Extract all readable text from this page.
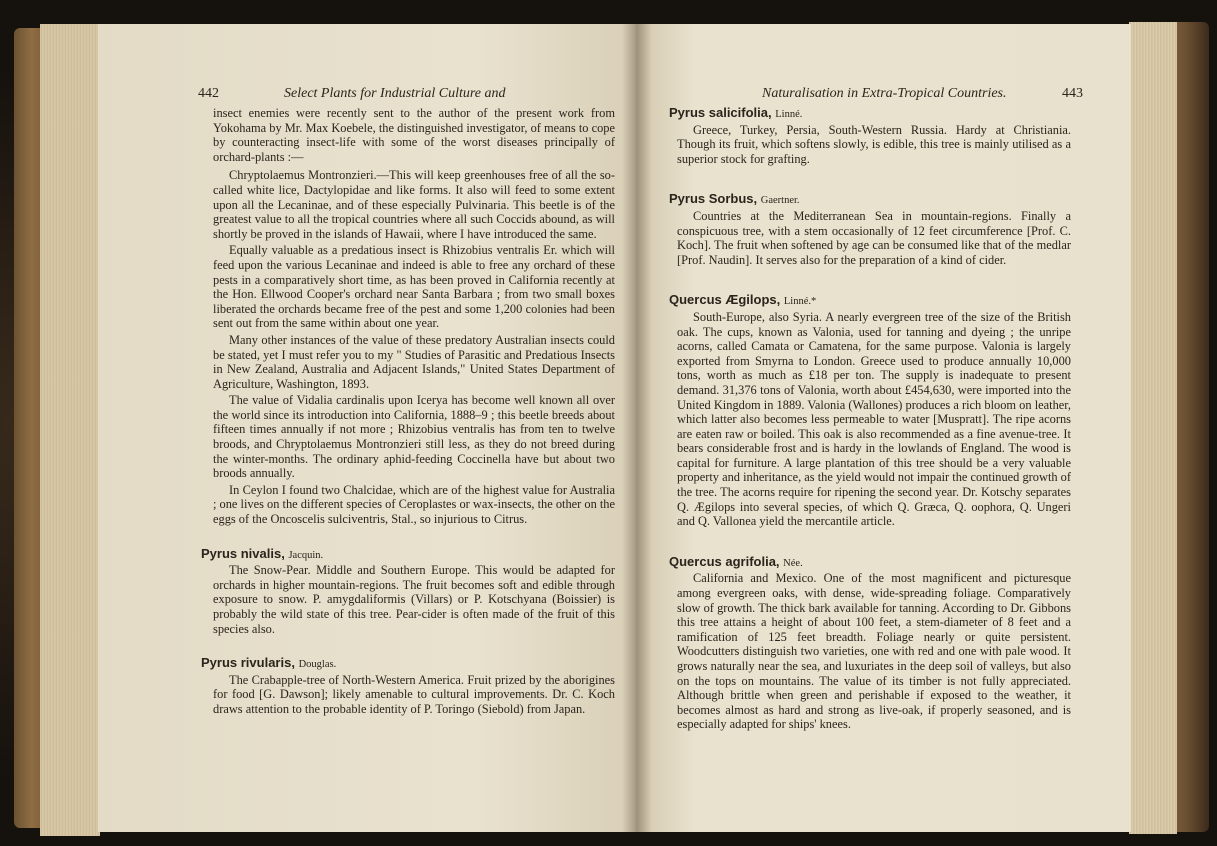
442	Select Plants for Industrial Culture and

insect enemies were recently sent to the author of the present work from Yokohama by Mr. Max Koebele, the distinguished investigator, of means to cope by counteracting insect-life with some of the worst diseases principally of orchard-plants :—

Chryptolaemus Montronzieri.—This will keep greenhouses free of all the so-called white lice, Dactylopidae and like forms. It also will feed to some extent upon all the Lecaninae, and of these especially Pulvinaria. This beetle is of the greatest value to all the tropical countries where all such Coccids abound, as will shortly be proved in the islands of Hawaii, where I have introduced the same.

Equally valuable as a predatious insect is Rhizobius ventralis Er. which will feed upon the various Lecaninae and indeed is able to free any orchard of these pests in a comparatively short time, as has been proved in California recently at the Hon. Ellwood Cooper's orchard near Santa Barbara ; from two small boxes liberated the orchards became free of the pest and some 1,200 colonies had been sent out from the same within about one year.

Many other instances of the value of these predatory Australian insects could be stated, yet I must refer you to my " Studies of Parasitic and Predatious Insects in New Zealand, Australia and Adjacent Islands," United States Department of Agriculture, Washington, 1893.

The value of Vidalia cardinalis upon Icerya has become well known all over the world since its introduction into California, 1888–9 ; this beetle breeds about fifteen times annually if not more ; Rhizobius ventralis has from ten to twelve broods, and Chryptolaemus Montronzieri still less, as they do not breed during the winter-months. The ordinary aphid-feeding Coccinella have but about two broods annually.

In Ceylon I found two Chalcidae, which are of the highest value for Australia ; one lives on the different species of Ceroplastes or wax-insects, the other on the eggs of the Oncoscelis sulciventris, Stal., so injurious to Citrus.

Pyrus nivalis, Jacquin.

The Snow-Pear. Middle and Southern Europe. This would be adapted for orchards in higher mountain-regions. The fruit becomes soft and edible through exposure to snow. P. amygdaliformis (Villars) or P. Kotschyana (Boissier) is probably the wild state of this tree. Pear-cider is often made of the fruit of this species also.

Pyrus rivularis, Douglas.

The Crabapple-tree of North-Western America. Fruit prized by the aborigines for food [G. Dawson]; likely amenable to cultural improvements. Dr. C. Koch draws attention to the probable identity of P. Toringo (Siebold) from Japan.

Naturalisation in Extra-Tropical Countries.	443
Pyrus salicifolia, Linné.

Greece, Turkey, Persia, South-Western Russia. Hardy at Christiania. Though its fruit, which softens slowly, is edible, this tree is mainly utilised as a superior stock for grafting.

Pyrus Sorbus, Gaertner.

Countries at the Mediterranean Sea in mountain-regions. Finally a conspicuous tree, with a stem occasionally of 12 feet circumference [Prof. C. Koch]. The fruit when softened by age can be consumed like that of the medlar [Prof. Naudin]. It serves also for the preparation of a kind of cider.

Quercus Ægilops, Linné.*

South-Europe, also Syria. A nearly evergreen tree of the size of the British oak. The cups, known as Valonia, used for tanning and dyeing ; the unripe acorns, called Camata or Camatena, for the same purpose. Valonia is largely exported from Smyrna to London. Greece used to produce annually 10,000 tons, worth as much as £18 per ton. The supply is inadequate to present demand. 31,376 tons of Valonia, worth about £454,630, were imported into the United Kingdom in 1889. Valonia (Wallones) produces a rich bloom on leather, which latter also becomes less permeable to water [Muspratt]. The ripe acorns are eaten raw or boiled. This oak is also recommended as a fine avenue-tree. It bears considerable frost and is hardy in the lowlands of England. The wood is capital for furniture. A large plantation of this tree should be a very valuable property and inheritance, as the yield would not impair the continued growth of the tree. The acorns require for ripening the second year. Dr. Kotschy separates Q. Ægilops into several species, of which Q. Græca, Q. oophora, Q. Ungeri and Q. Vallonea yield the mercantile article.

Quercus agrifolia, Née.

California and Mexico. One of the most magnificent and picturesque among evergreen oaks, with dense, wide-spreading foliage. Comparatively slow of growth. The thick bark available for tanning. According to Dr. Gibbons this tree attains a height of about 100 feet, a stem-diameter of 8 feet and a ramification of 125 feet breadth. Foliage nearly or quite persistent. Woodcutters distinguish two varieties, one with red and one with pale wood. It grows naturally near the sea, and luxuriates in the deep soil of valleys, but also on the tops on mountains. The value of its timber is not fully appreciated. Although brittle when green and perishable if exposed to the weather, it becomes almost as hard and strong as live-oak, if properly seasoned, and is especially adapted for ships' knees.
